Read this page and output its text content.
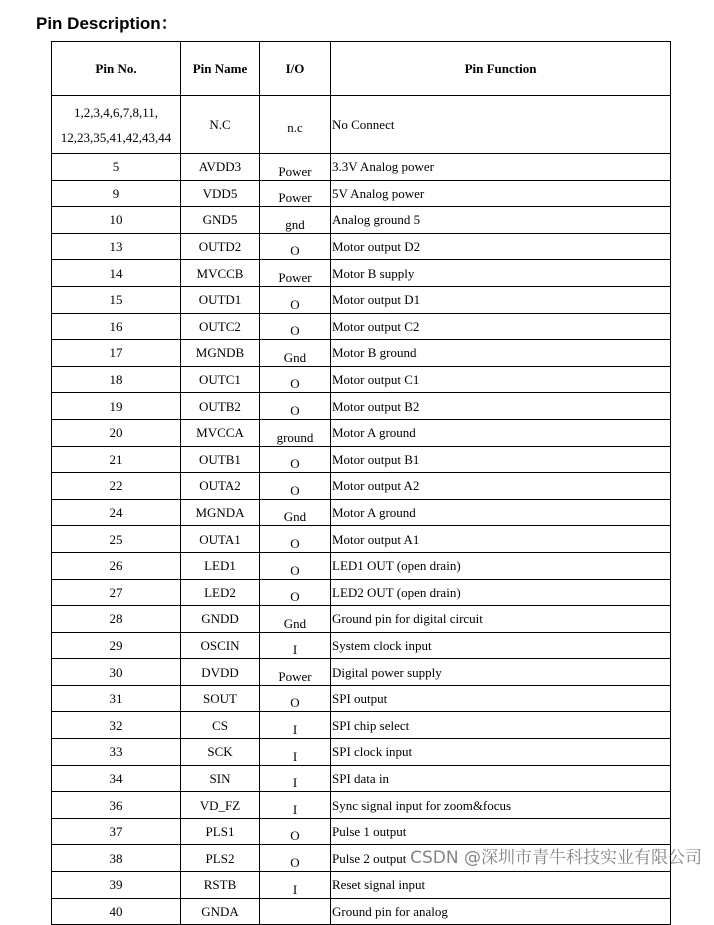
Pin Description：
Pin No.	Pin Name	I/O	Pin Function
1,2,3,4,6,7,8,11, 12,23,35,41,42,43,44	N.C	n.c	No Connect
5	AVDD3	Power	3.3V Analog power
9	VDD5	Power	5V Analog power
10	GND5	gnd	Analog ground 5
13	OUTD2	O	Motor output D2
14	MVCCB	Power	Motor B supply
15	OUTD1	O	Motor output D1
16	OUTC2	O	Motor output C2
17	MGNDB	Gnd	Motor B ground
18	OUTC1	O	Motor output C1
19	OUTB2	O	Motor output B2
20	MVCCA	ground	Motor A ground
21	OUTB1	O	Motor output B1
22	OUTA2	O	Motor output A2
24	MGNDA	Gnd	Motor A ground
25	OUTA1	O	Motor output A1
26	LED1	O	LED1 OUT (open drain)
27	LED2	O	LED2 OUT (open drain)
28	GNDD	Gnd	Ground pin for digital circuit
29	OSCIN	I	System clock input
30	DVDD	Power	Digital power supply
31	SOUT	O	SPI output
32	CS	I	SPI chip select
33	SCK	I	SPI clock input
34	SIN	I	SPI data in
36	VD_FZ	I	Sync signal input for zoom&focus
37	PLS1	O	Pulse 1 output
38	PLS2	O	Pulse 2 output
39	RSTB	I	Reset signal input
40	GNDA		Ground pin for analog
CSDN @深圳市青牛科技实业有限公司
